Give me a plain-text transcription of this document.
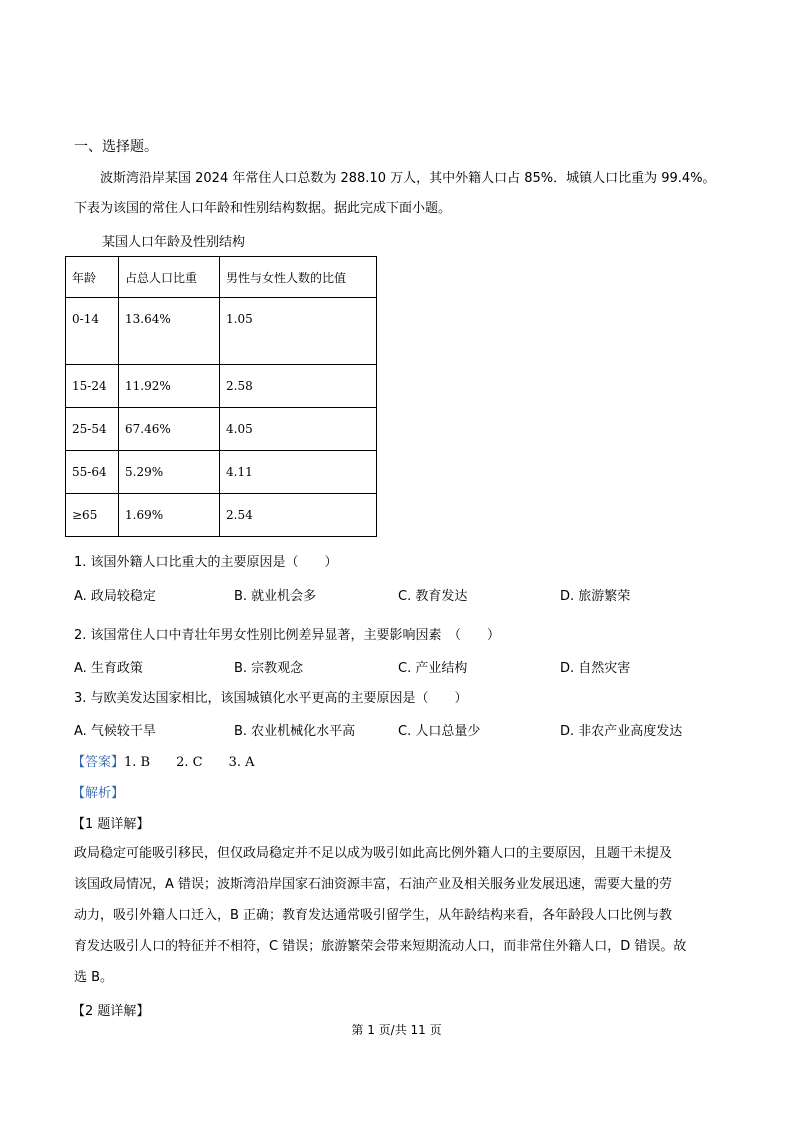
一、选择题。
波斯湾沿岸某国 2024 年常住人口总数为 288.10 万人，其中外籍人口占 85%．城镇人口比重为 99.4%。
下表为该国的常住人口年龄和性别结构数据。据此完成下面小题。
某国人口年龄及性别结构
年龄	占总人口比重	男性与女性人数的比值
0-14	13.64%	1.05
15-24	11.92%	2.58
25-54	67.46%	4.05
55-64	5.29%	4.11
≥65	1.69%	2.54
1. 该国外籍人口比重大的主要原因是（　　）
A. 政局较稳定	B. 就业机会多	C. 教育发达	D. 旅游繁荣
2. 该国常住人口中青壮年男女性别比例差异显著，主要影响因素　（　　）
A. 生育政策	B. 宗教观念	C. 产业结构	D. 自然灾害
3. 与欧美发达国家相比，该国城镇化水平更高的主要原因是（　　）
A. 气候较干旱	B. 农业机械化水平高	C. 人口总量少	D. 非农产业高度发达
【答案】1. B 2. C 3. A
【解析】
【1 题详解】
政局稳定可能吸引移民，但仅政局稳定并不足以成为吸引如此高比例外籍人口的主要原因，且题干未提及
该国政局情况，A 错误；波斯湾沿岸国家石油资源丰富，石油产业及相关服务业发展迅速，需要大量的劳
动力，吸引外籍人口迁入，B 正确；教育发达通常吸引留学生，从年龄结构来看，各年龄段人口比例与教
育发达吸引人口的特征并不相符，C 错误；旅游繁荣会带来短期流动人口，而非常住外籍人口，D 错误。故
选 B。
【2 题详解】
第 1 页/共 11 页
